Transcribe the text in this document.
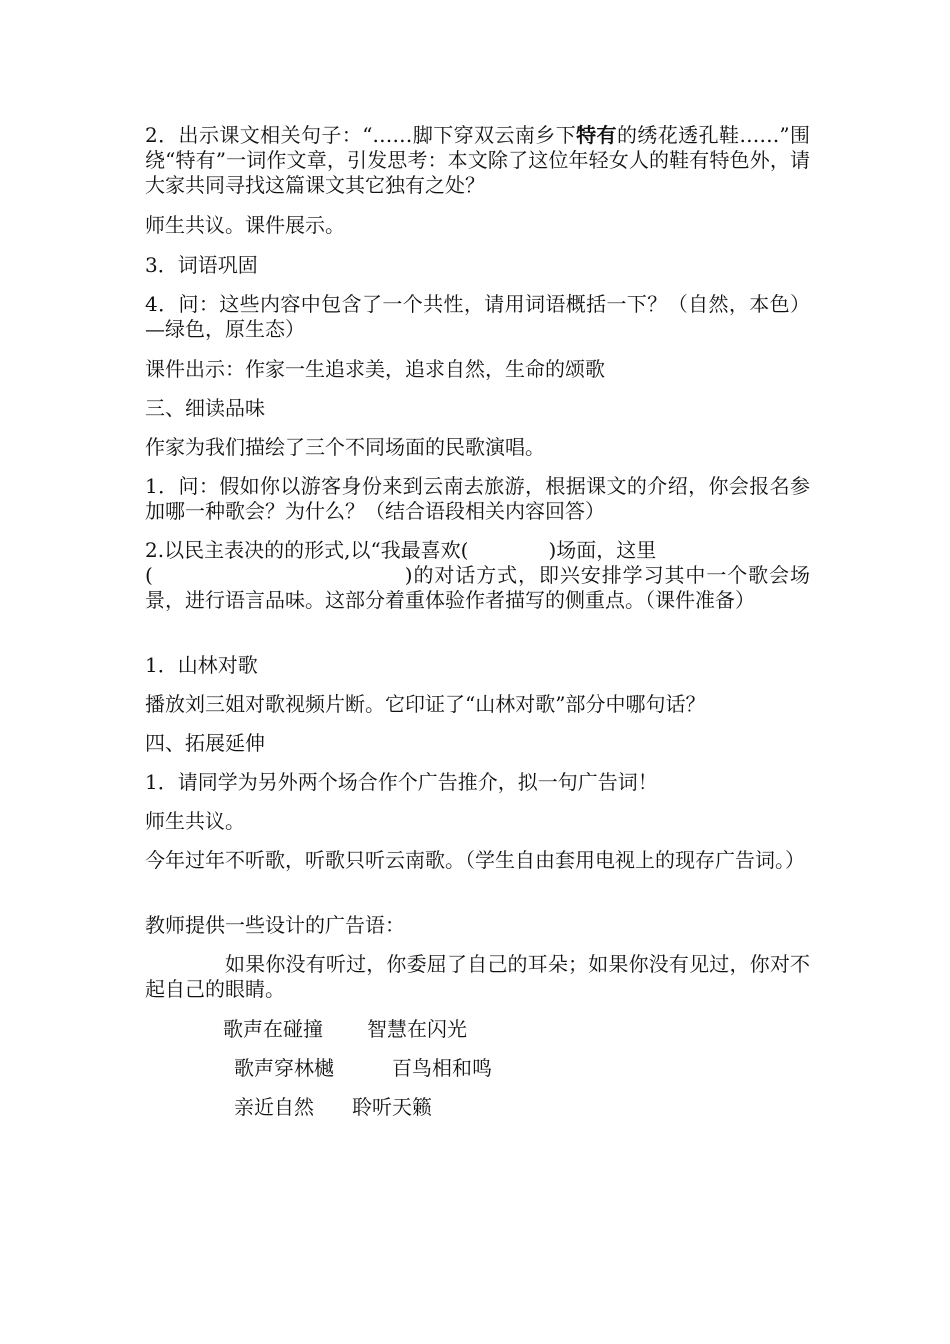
2．出示课文相关句子：“……脚下穿双云南乡下特有的绣花透孔鞋……”围绕“特有”一词作文章，引发思考：本文除了这位年轻女人的鞋有特色外，请大家共同寻找这篇课文其它独有之处？

师生共议。课件展示。

3．词语巩固

4．问：这些内容中包含了一个共性，请用词语概括一下？（自然，本色）—绿色，原生态）

课件出示：作家一生追求美，追求自然，生命的颂歌

三、细读品味

作家为我们描绘了三个不同场面的民歌演唱。

1．问：假如你以游客身份来到云南去旅游，根据课文的介绍，你会报名参加哪一种歌会？为什么？（结合语段相关内容回答）

2.以民主表决的的形式,以“我最喜欢(　　　　)场面，这里
(　　　　　　　　　　　　)的对话方式，即兴安排学习其中一个歌会场景，进行语言品味。这部分着重体验作者描写的侧重点。（课件准备）

1．山林对歌

播放刘三姐对歌视频片断。它印证了“山林对歌”部分中哪句话？

四、拓展延伸

1．请同学为另外两个场合作个广告推介，拟一句广告词！

师生共议。

今年过年不听歌，听歌只听云南歌。（学生自由套用电视上的现存广告词。）

教师提供一些设计的广告语：

如果你没有听过，你委屈了自己的耳朵；如果你没有见过，你对不起自己的眼睛。

歌声在碰撞 智慧在闪光
歌声穿林樾	百鸟相和鸣
亲近自然 聆听天籁
